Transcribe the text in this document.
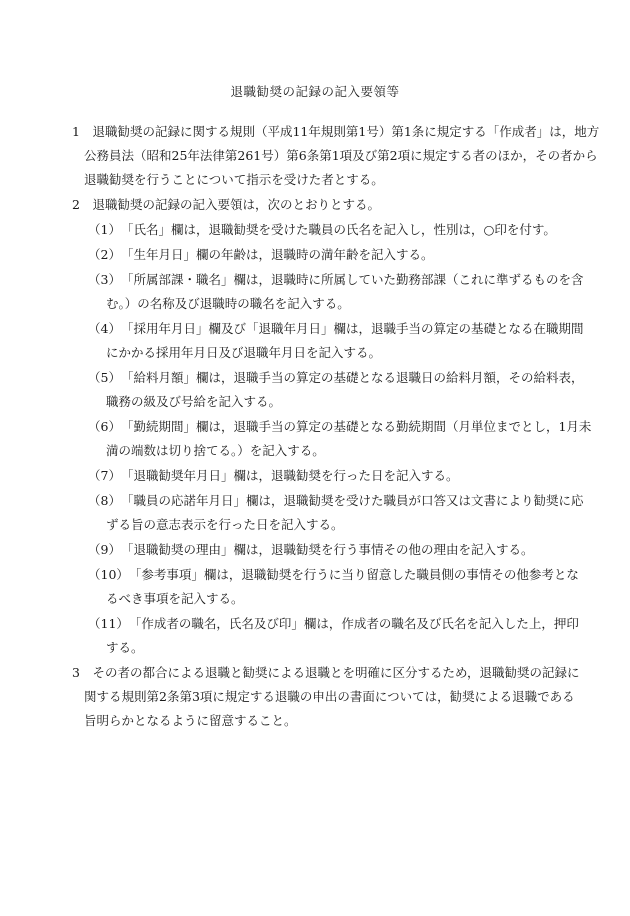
退職勧奨の記録の記入要領等
1　退職勧奨の記録に関する規則（平成11年規則第1号）第1条に規定する「作成者」は，地方
公務員法（昭和25年法律第261号）第6条第1項及び第2項に規定する者のほか，その者から
退職勧奨を行うことについて指示を受けた者とする。
2　退職勧奨の記録の記入要領は，次のとおりとする。
（1）　「氏名」欄は，退職勧奨を受けた職員の氏名を記入し，性別は，○印を付す。
（2）　「生年月日」欄の年齢は，退職時の満年齢を記入する。
（3）　「所属部課・職名」欄は，退職時に所属していた勤務部課（これに準ずるものを含
む。）の名称及び退職時の職名を記入する。
（4）　「採用年月日」欄及び「退職年月日」欄は，退職手当の算定の基礎となる在職期間
にかかる採用年月日及び退職年月日を記入する。
（5）　「給料月額」欄は，退職手当の算定の基礎となる退職日の給料月額，その給料表，
職務の級及び号給を記入する。
（6）　「勤続期間」欄は，退職手当の算定の基礎となる勤続期間（月単位までとし，1月未
満の端数は切り捨てる。）を記入する。
（7）　「退職勧奨年月日」欄は，退職勧奨を行った日を記入する。
（8）　「職員の応諾年月日」欄は，退職勧奨を受けた職員が口答又は文書により勧奨に応
ずる旨の意志表示を行った日を記入する。
（9）　「退職勧奨の理由」欄は，退職勧奨を行う事情その他の理由を記入する。
（10）　「参考事項」欄は，退職勧奨を行うに当り留意した職員側の事情その他参考とな
るべき事項を記入する。
（11）　「作成者の職名，氏名及び印」欄は，作成者の職名及び氏名を記入した上，押印
する。
3　その者の都合による退職と勧奨による退職とを明確に区分するため，退職勧奨の記録に
関する規則第2条第3項に規定する退職の申出の書面については，勧奨による退職である
旨明らかとなるように留意すること。
